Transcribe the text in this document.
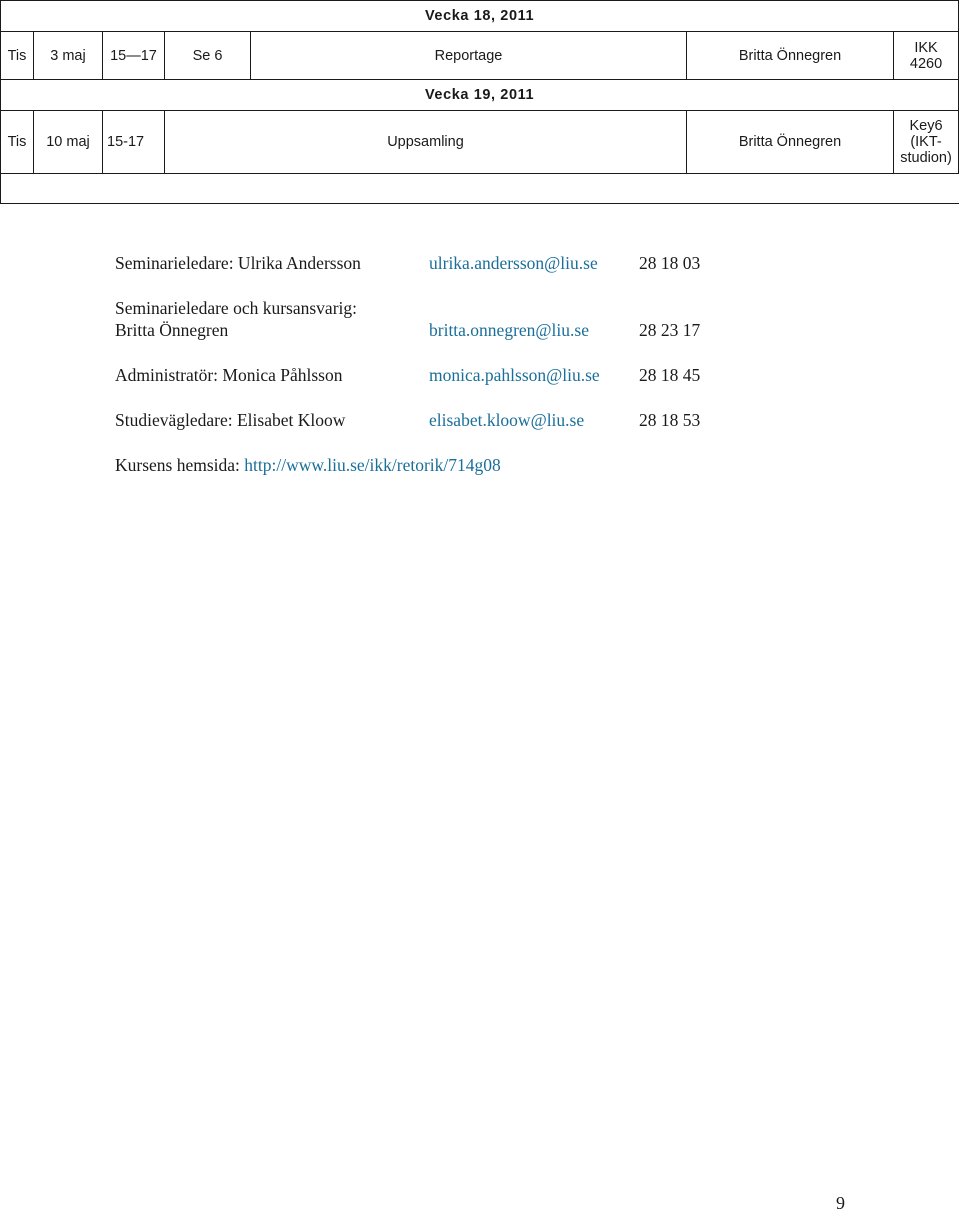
Vecka 18, 2011						
Tis	3 maj	15—17	Se 6	Reportage	Britta Önnegren	IKK 4260
Vecka 19, 2011						
Tis	10 maj	15-17	Uppsamling		Britta Önnegren	Key6 (IKT-studion)

Seminarieledare: Ulrika Andersson	ulrika.andersson@liu.se 28 18 03
Seminarieledare och kursansvarig:
Britta Önnegren	britta.onnegren@liu.se	28 23 17
Administratör: Monica Påhlsson	monica.pahlsson@liu.se 28 18 45
Studievägledare: Elisabet Kloow	elisabet.kloow@liu.se	28 18 53
Kursens hemsida: http://www.liu.se/ikk/retorik/714g08
9
